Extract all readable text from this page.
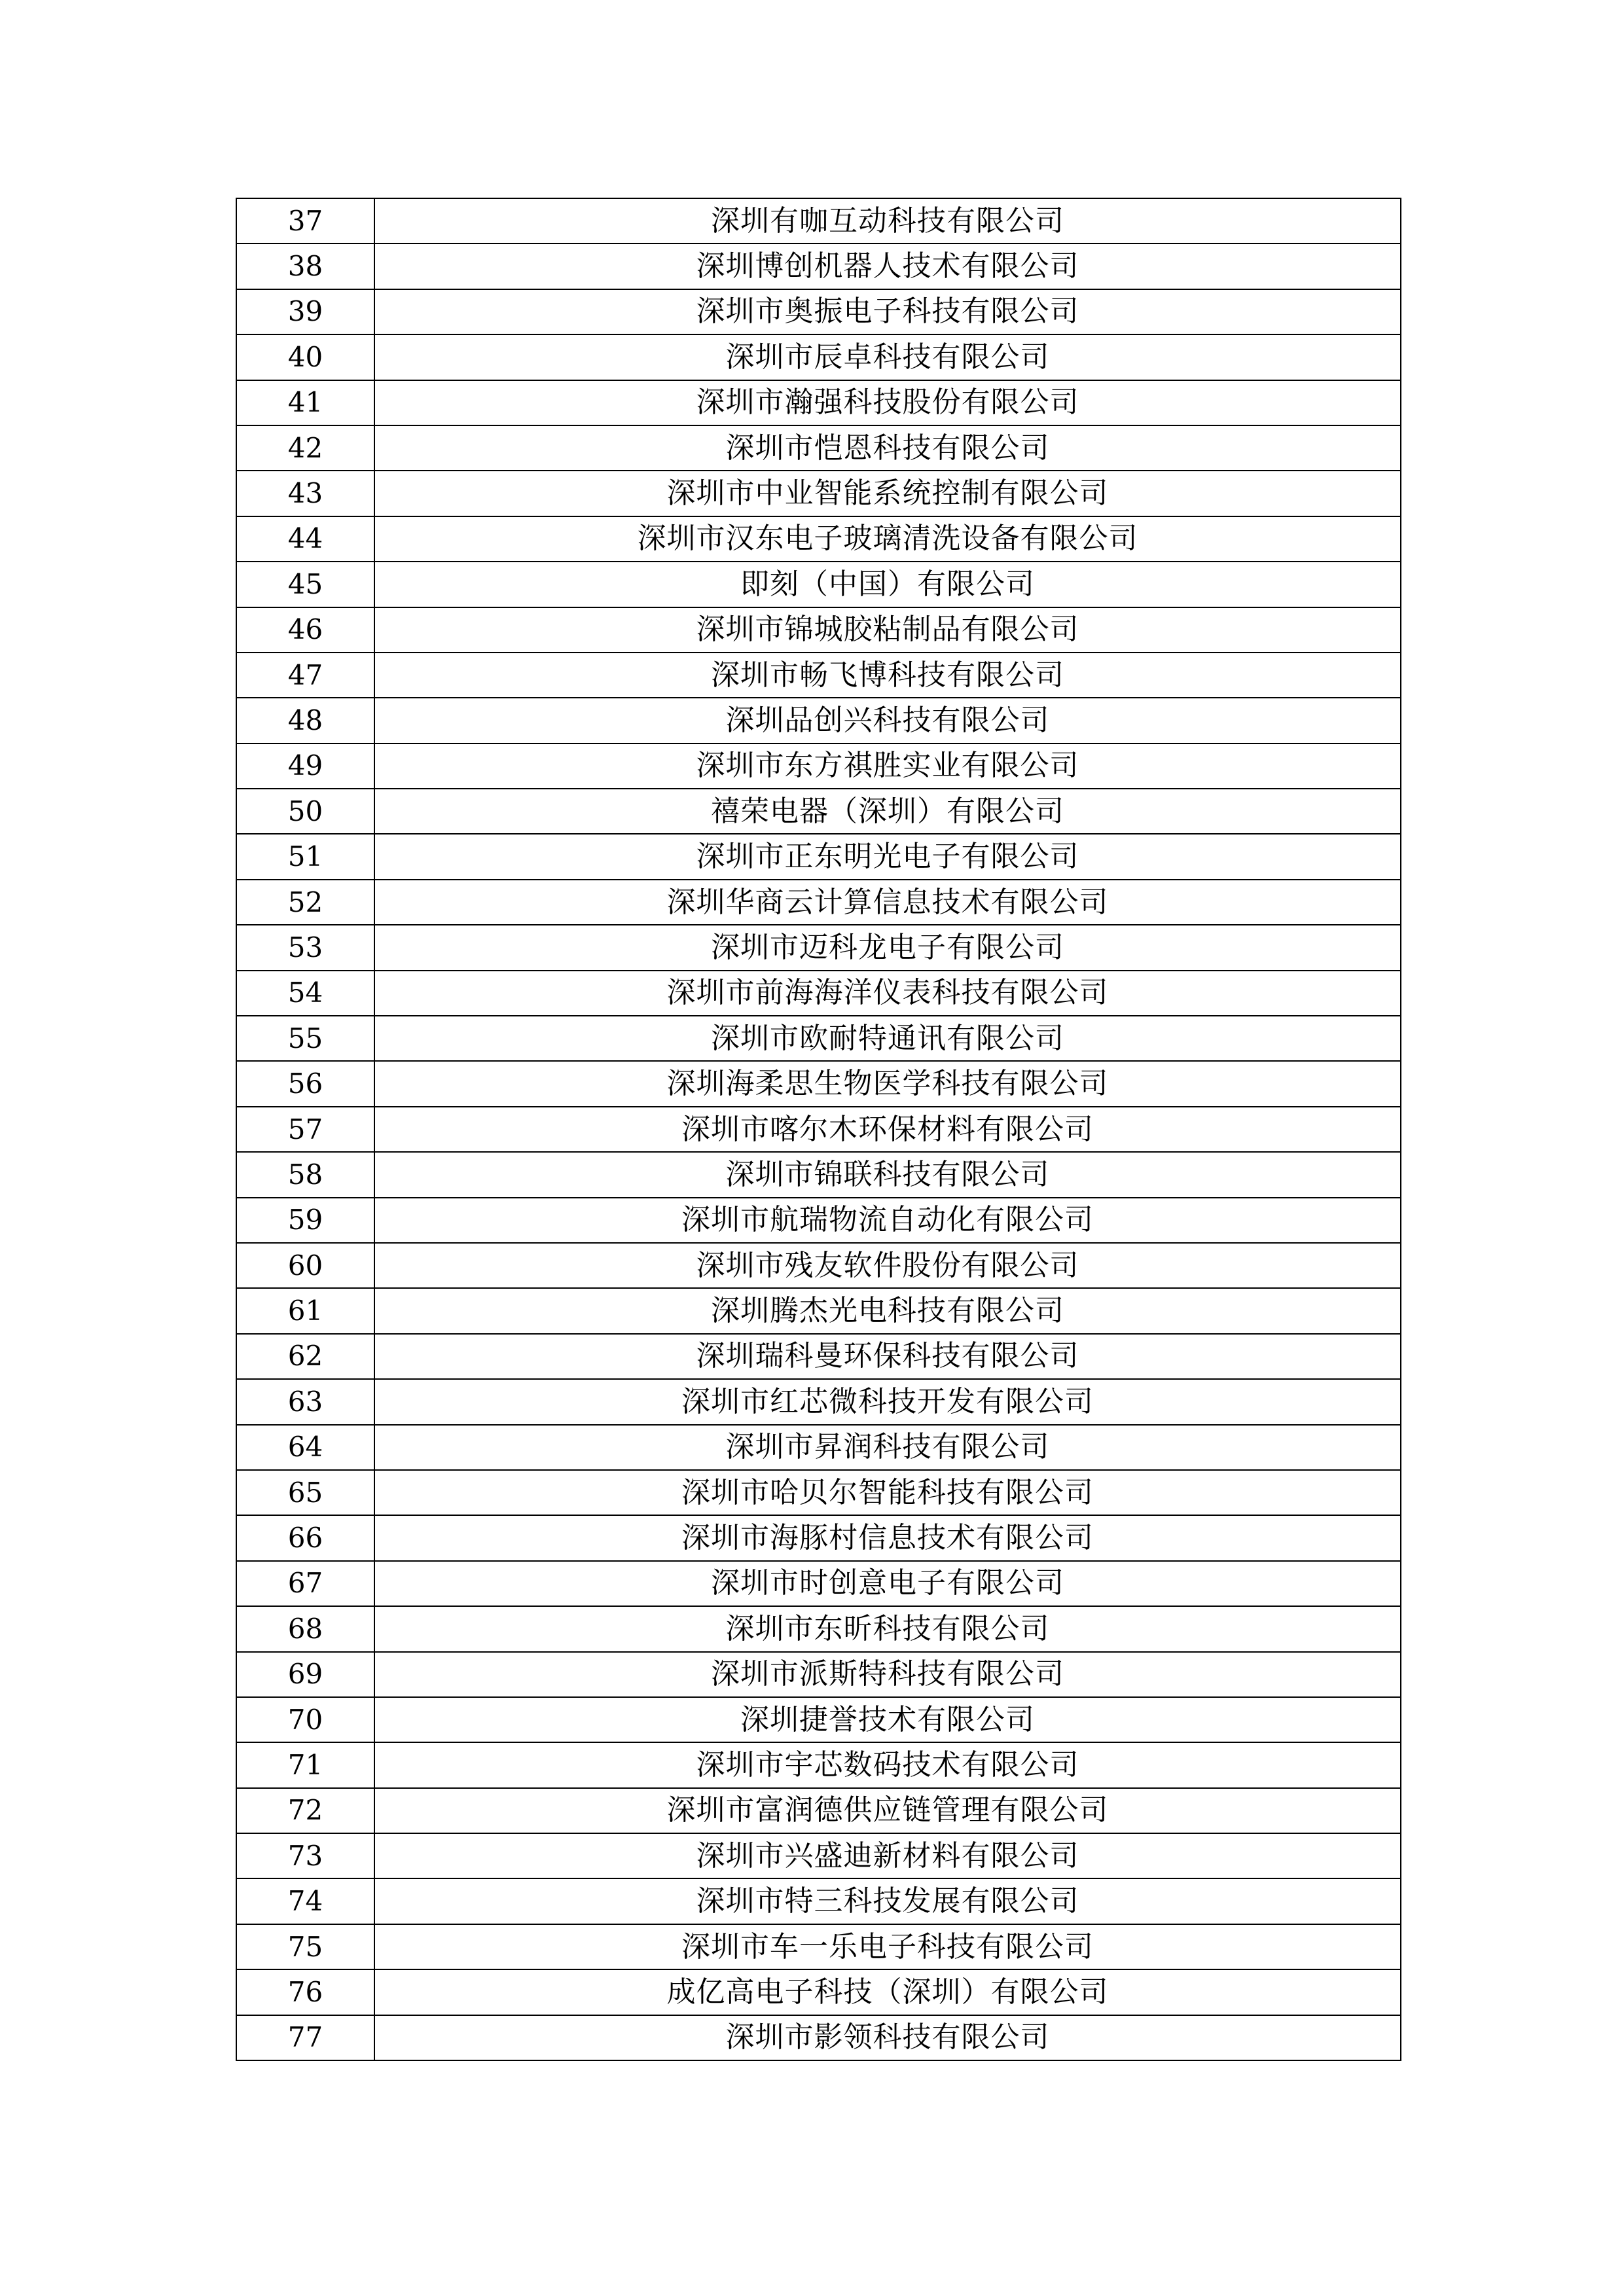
37	深圳有咖互动科技有限公司
38	深圳博创机器人技术有限公司
39	深圳市奥振电子科技有限公司
40	深圳市辰卓科技有限公司
41	深圳市瀚强科技股份有限公司
42	深圳市恺恩科技有限公司
43	深圳市中业智能系统控制有限公司
44	深圳市汉东电子玻璃清洗设备有限公司
45	即刻（中国）有限公司
46	深圳市锦城胶粘制品有限公司
47	深圳市畅飞博科技有限公司
48	深圳品创兴科技有限公司
49	深圳市东方祺胜实业有限公司
50	禧荣电器（深圳）有限公司
51	深圳市正东明光电子有限公司
52	深圳华商云计算信息技术有限公司
53	深圳市迈科龙电子有限公司
54	深圳市前海海洋仪表科技有限公司
55	深圳市欧耐特通讯有限公司
56	深圳海柔思生物医学科技有限公司
57	深圳市喀尔木环保材料有限公司
58	深圳市锦联科技有限公司
59	深圳市航瑞物流自动化有限公司
60	深圳市残友软件股份有限公司
61	深圳腾杰光电科技有限公司
62	深圳瑞科曼环保科技有限公司
63	深圳市红芯微科技开发有限公司
64	深圳市昇润科技有限公司
65	深圳市哈贝尔智能科技有限公司
66	深圳市海豚村信息技术有限公司
67	深圳市时创意电子有限公司
68	深圳市东昕科技有限公司
69	深圳市派斯特科技有限公司
70	深圳捷誉技术有限公司
71	深圳市宇芯数码技术有限公司
72	深圳市富润德供应链管理有限公司
73	深圳市兴盛迪新材料有限公司
74	深圳市特三科技发展有限公司
75	深圳市车一乐电子科技有限公司
76	成亿高电子科技（深圳）有限公司
77	深圳市影领科技有限公司
